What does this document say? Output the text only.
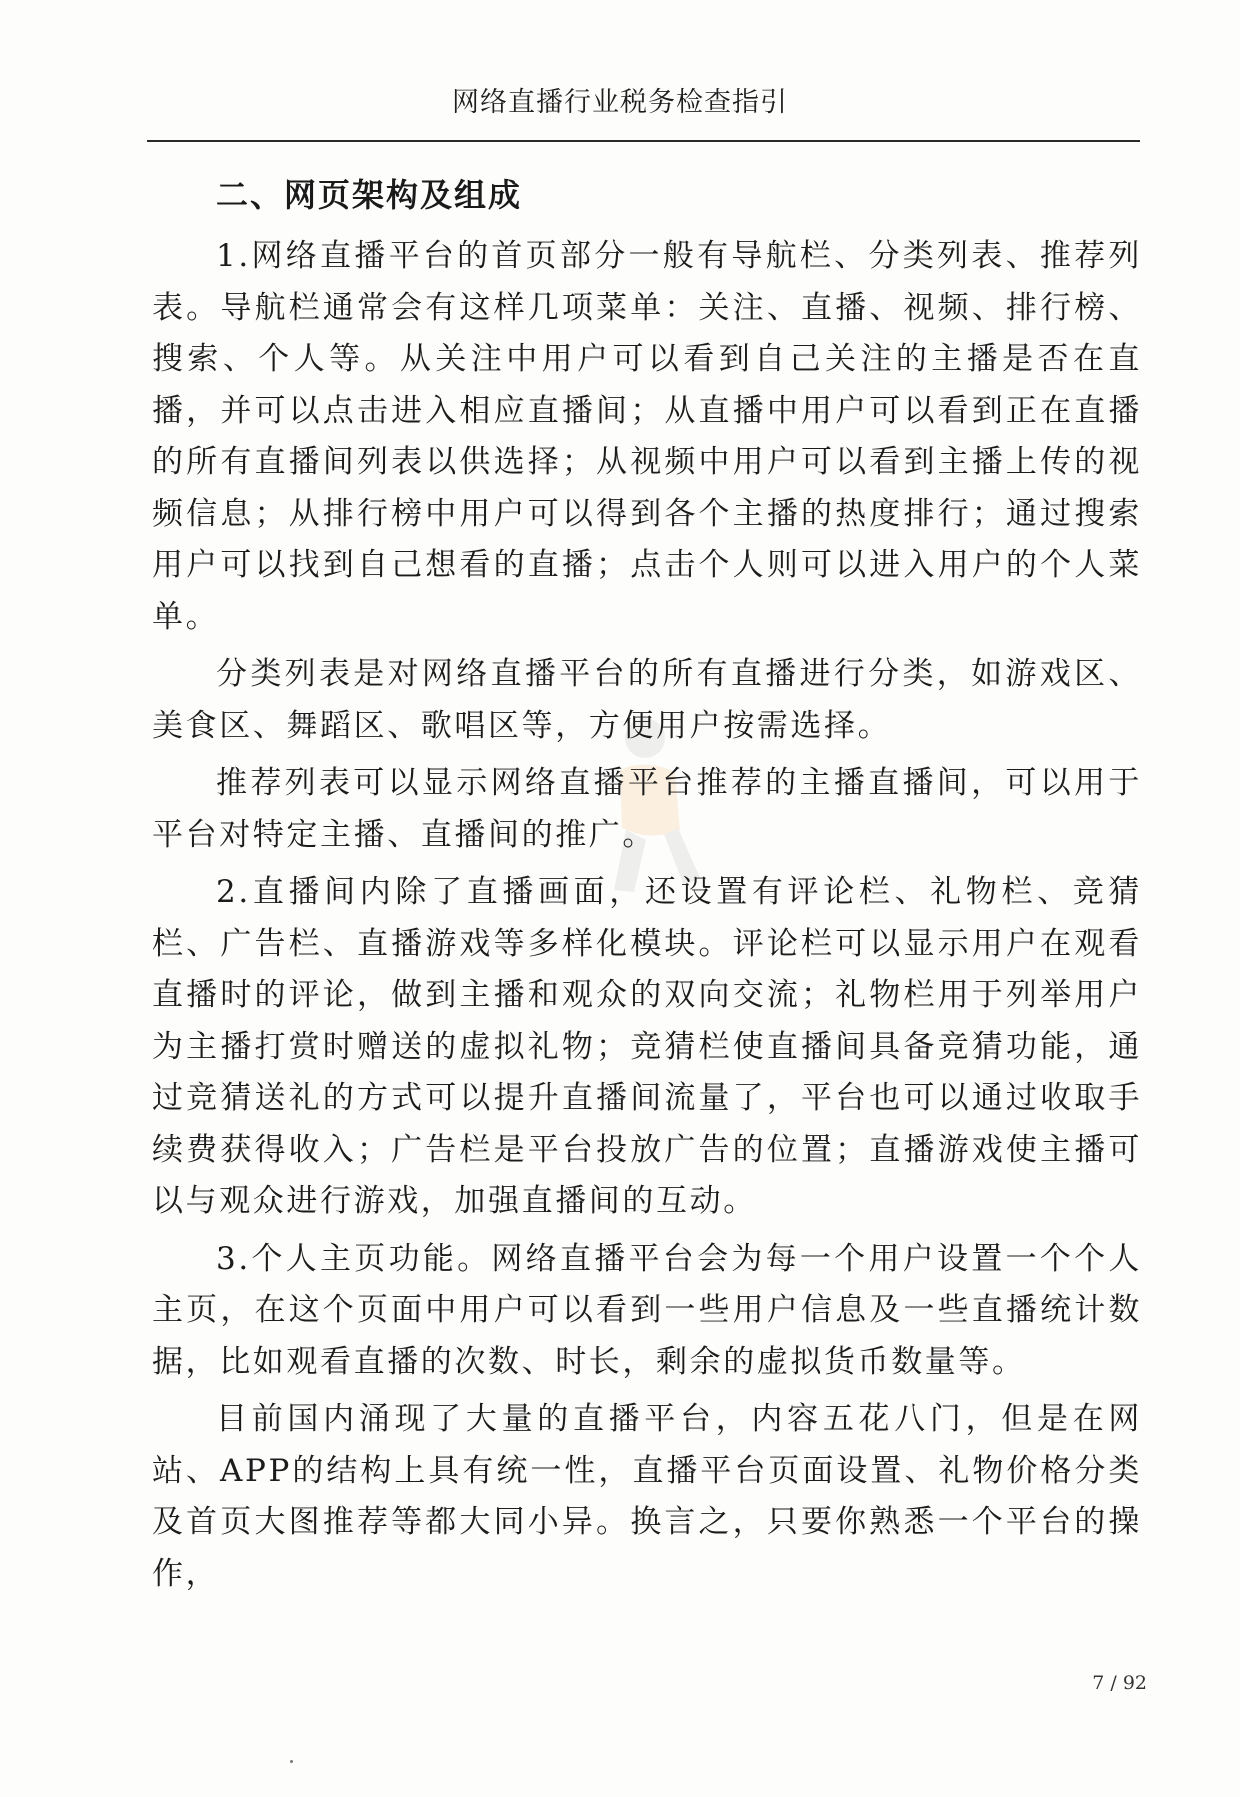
网络直播行业税务检查指引
二、网页架构及组成

1.网络直播平台的首页部分一般有导航栏、分类列表、推荐列表。导航栏通常会有这样几项菜单：关注、直播、视频、排行榜、搜索、个人等。从关注中用户可以看到自己关注的主播是否在直播，并可以点击进入相应直播间；从直播中用户可以看到正在直播的所有直播间列表以供选择；从视频中用户可以看到主播上传的视频信息；从排行榜中用户可以得到各个主播的热度排行；通过搜索用户可以找到自己想看的直播；点击个人则可以进入用户的个人菜单。

分类列表是对网络直播平台的所有直播进行分类，如游戏区、美食区、舞蹈区、歌唱区等，方便用户按需选择。

推荐列表可以显示网络直播平台推荐的主播直播间，可以用于平台对特定主播、直播间的推广。

2.直播间内除了直播画面，还设置有评论栏、礼物栏、竞猜栏、广告栏、直播游戏等多样化模块。评论栏可以显示用户在观看直播时的评论，做到主播和观众的双向交流；礼物栏用于列举用户为主播打赏时赠送的虚拟礼物；竞猜栏使直播间具备竞猜功能，通过竞猜送礼的方式可以提升直播间流量了，平台也可以通过收取手续费获得收入；广告栏是平台投放广告的位置；直播游戏使主播可以与观众进行游戏，加强直播间的互动。

3.个人主页功能。网络直播平台会为每一个用户设置一个个人主页，在这个页面中用户可以看到一些用户信息及一些直播统计数据，比如观看直播的次数、时长，剩余的虚拟货币数量等。

目前国内涌现了大量的直播平台，内容五花八门，但是在网站、APP的结构上具有统一性，直播平台页面设置、礼物价格分类及首页大图推荐等都大同小异。换言之，只要你熟悉一个平台的操作，

7 / 92
